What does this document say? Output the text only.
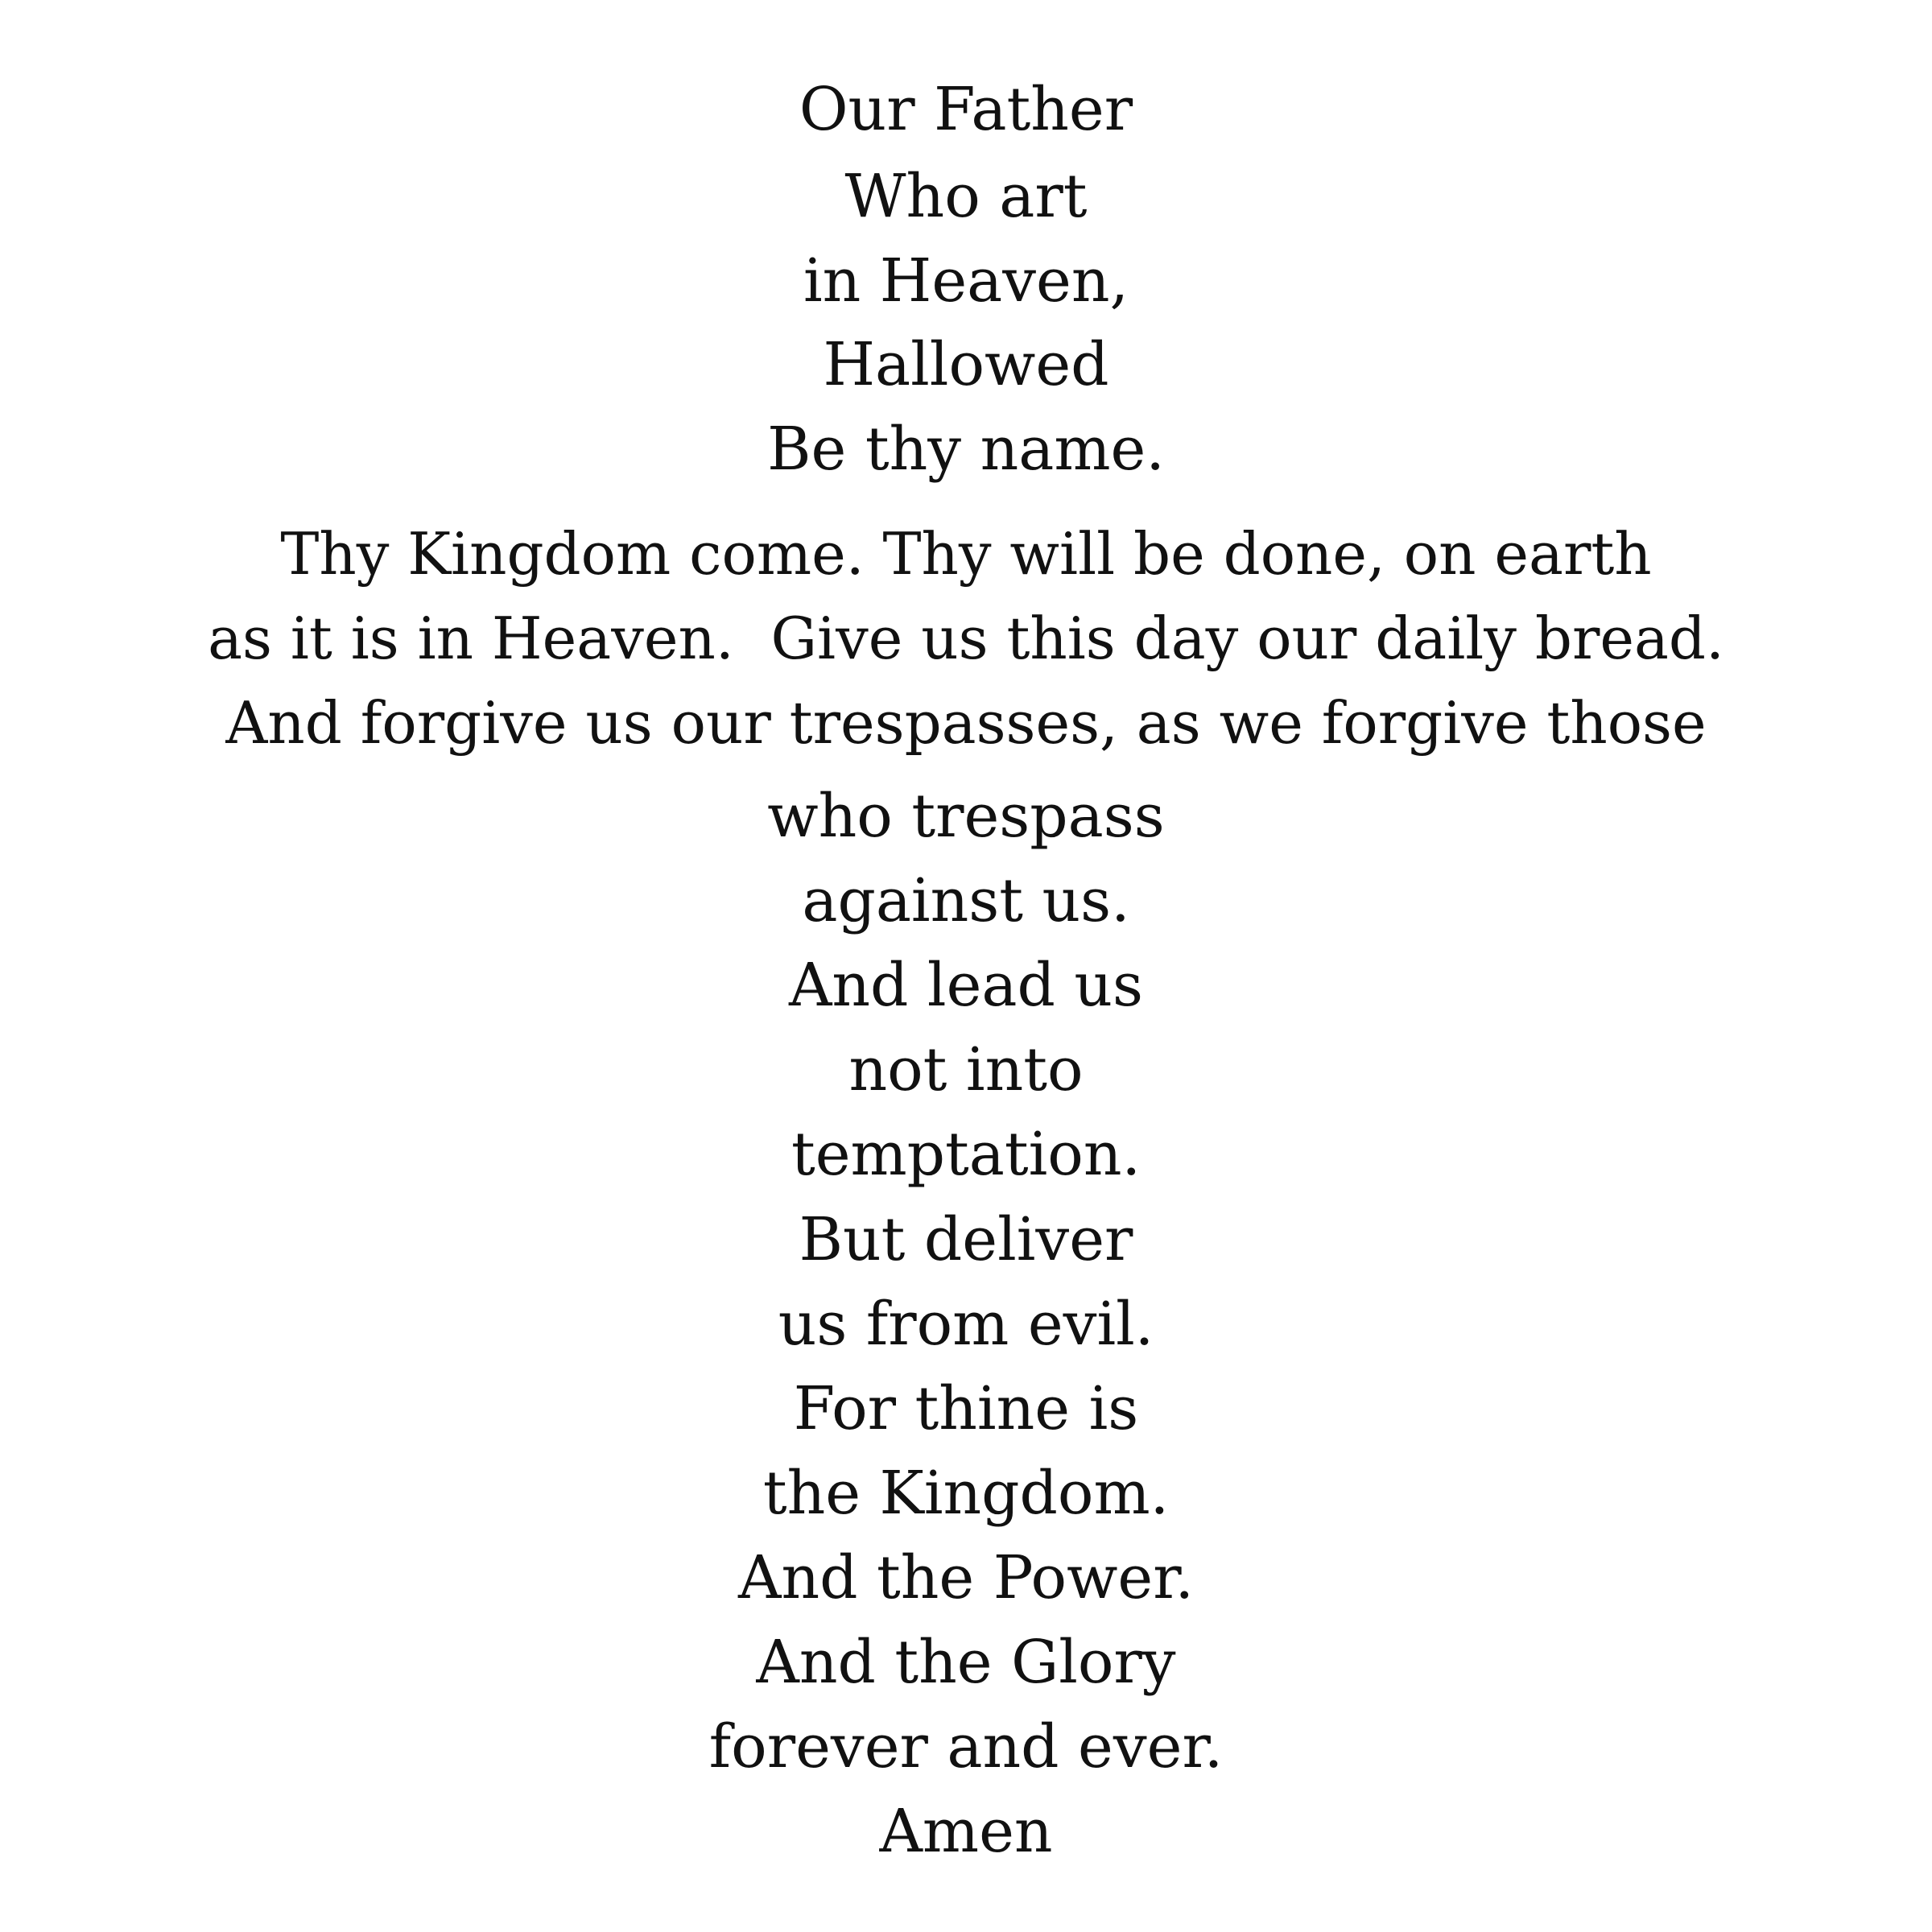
Our Father
Who art
in Heaven,
Hallowed
Be thy name.
Thy Kingdom come. Thy will be done, on earth
as it is in Heaven.  Give us this day our daily bread.
And forgive us our trespasses, as we forgive those
who trespass
against us.
And lead us
not into
temptation.
But deliver
us from evil.
For thine is
the Kingdom.
And the Power.
And the Glory
forever and ever.
Amen
